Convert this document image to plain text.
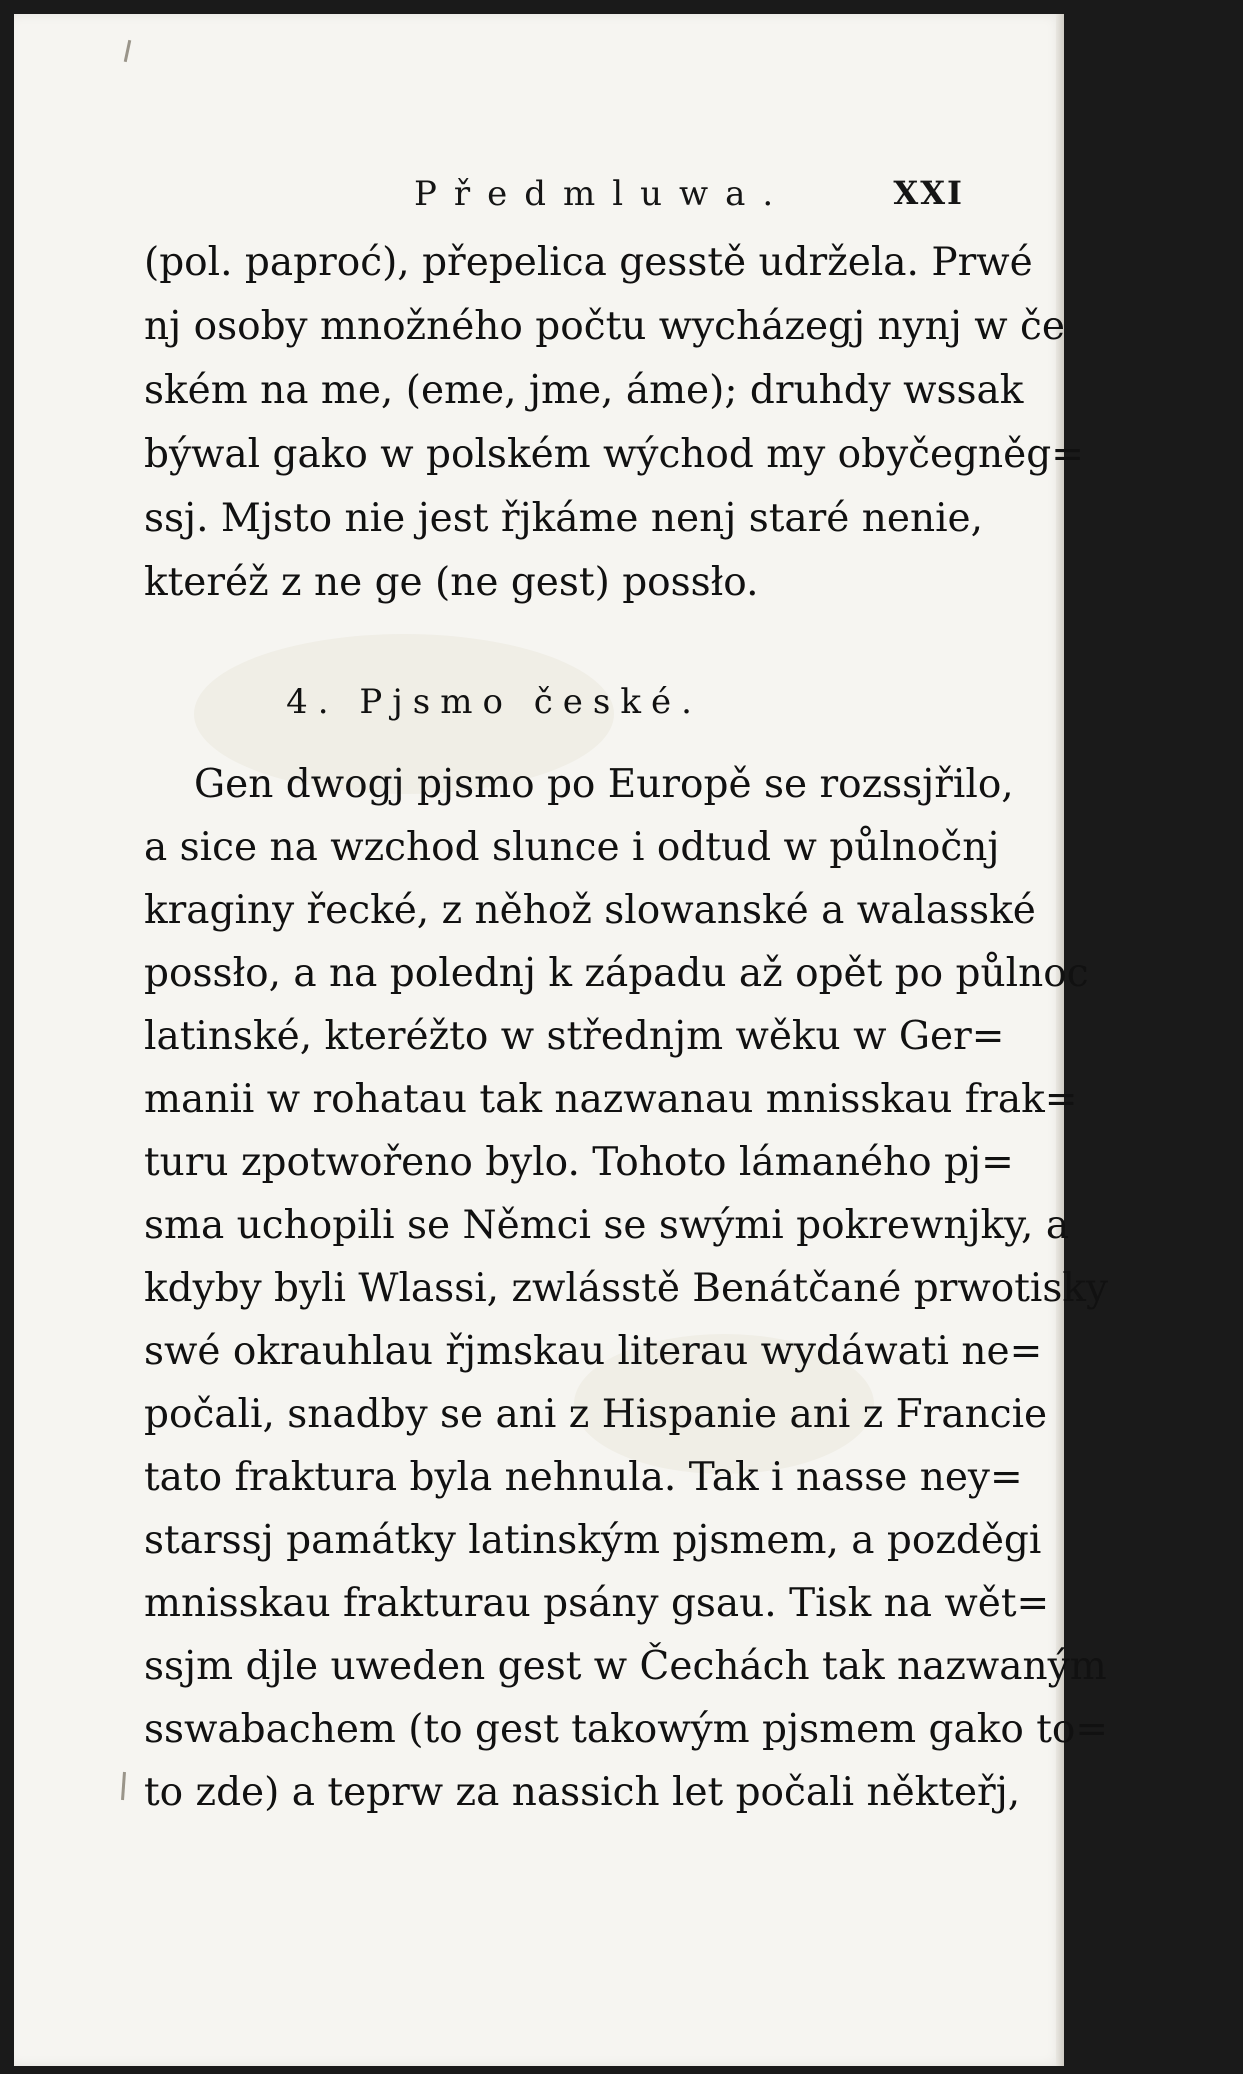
Předmluwa.	XXI
(pol. paproć), přepelica gesstě udržela. Prwé
nj osoby množného počtu wycházegj nynj w če
ském na me, (eme, jme, áme); druhdy wssak
býwal gako w polském wýchod my obyčegněg=
ssj. Mjsto nie jest řjkáme nenj staré nenie,
kteréž z ne ge (ne gest) possło.
4. Pjsmo české.
Gen dwogj pjsmo po Europě se rozssjřilo,
a sice na wzchod slunce i odtud w půlnočnj
kraginy řecké, z něhož slowanské a walasské
possło, a na polednj k západu až opět po půlnoc
latinské, kteréžto w střednjm wěku w Ger=
manii w rohatau tak nazwanau mnisskau frak=
turu zpotwořeno bylo. Tohoto lámaného pj=
sma uchopili se Němci se swými pokrewnjky, a
kdyby byli Wlassi, zwlásstě Benátčané prwotisky
swé okrauhlau řjmskau literau wydáwati ne=
počali, snadby se ani z Hispanie ani z Francie
tato fraktura byla nehnula. Tak i nasse ney=
starssj památky latinským pjsmem, a pozděgi
mnisskau frakturau psány gsau. Tisk na wět=
ssjm djle uweden gest w Čechách tak nazwaným
sswabachem (to gest takowým pjsmem gako to=
to zde) a teprw za nassich let počali někteřj,
